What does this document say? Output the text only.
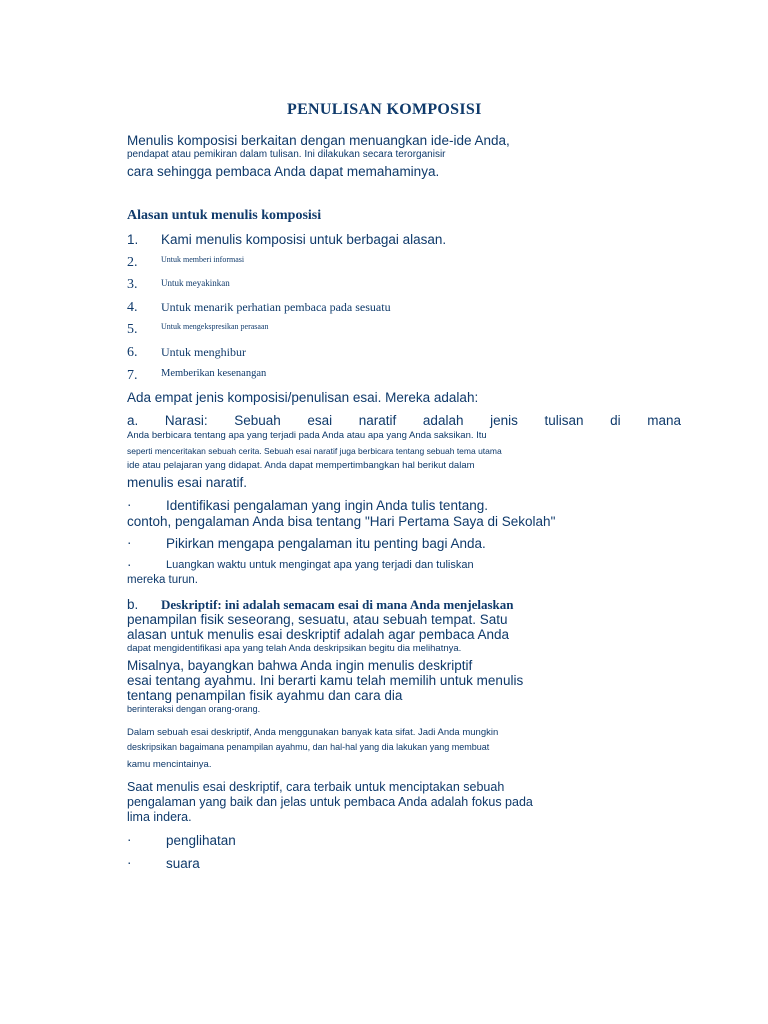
PENULISAN KOMPOSISI
Menulis komposisi berkaitan dengan menuangkan ide-ide Anda,
pendapat atau pemikiran dalam tulisan. Ini dilakukan secara terorganisir
cara sehingga pembaca Anda dapat memahaminya.
Alasan untuk menulis komposisi
1. Kami menulis komposisi untuk berbagai alasan.
2.	Untuk memberi informasi
3.	Untuk meyakinkan
4. Untuk menarik perhatian pembaca pada sesuatu
5.	Untuk mengekspresikan perasaan
6. Untuk menghibur
7. Memberikan kesenangan
Ada empat jenis komposisi/penulisan esai. Mereka adalah:
a. Narasi: Sebuah esai naratif adalah jenis tulisan di mana
Anda berbicara tentang apa yang terjadi pada Anda atau apa yang Anda saksikan. Itu
seperti menceritakan sebuah cerita. Sebuah esai naratif juga berbicara tentang sebuah tema utama
ide atau pelajaran yang didapat. Anda dapat mempertimbangkan hal berikut dalam
menulis esai naratif.
·	Identifikasi pengalaman yang ingin Anda tulis tentang.
contoh, pengalaman Anda bisa tentang "Hari Pertama Saya di Sekolah"
·	Pikirkan mengapa pengalaman itu penting bagi Anda.
·	Luangkan waktu untuk mengingat apa yang terjadi dan tuliskan
mereka turun.
b. Deskriptif: ini adalah semacam esai di mana Anda menjelaskan
penampilan fisik seseorang, sesuatu, atau sebuah tempat. Satu
alasan untuk menulis esai deskriptif adalah agar pembaca Anda
dapat mengidentifikasi apa yang telah Anda deskripsikan begitu dia melihatnya.
Misalnya, bayangkan bahwa Anda ingin menulis deskriptif
esai tentang ayahmu. Ini berarti kamu telah memilih untuk menulis
tentang penampilan fisik ayahmu dan cara dia
berinteraksi dengan orang-orang.
Dalam sebuah esai deskriptif, Anda menggunakan banyak kata sifat. Jadi Anda mungkin
deskripsikan bagaimana penampilan ayahmu, dan hal-hal yang dia lakukan yang membuat
kamu mencintainya.
Saat menulis esai deskriptif, cara terbaik untuk menciptakan sebuah
pengalaman yang baik dan jelas untuk pembaca Anda adalah fokus pada
lima indera.
·	penglihatan
·	suara
